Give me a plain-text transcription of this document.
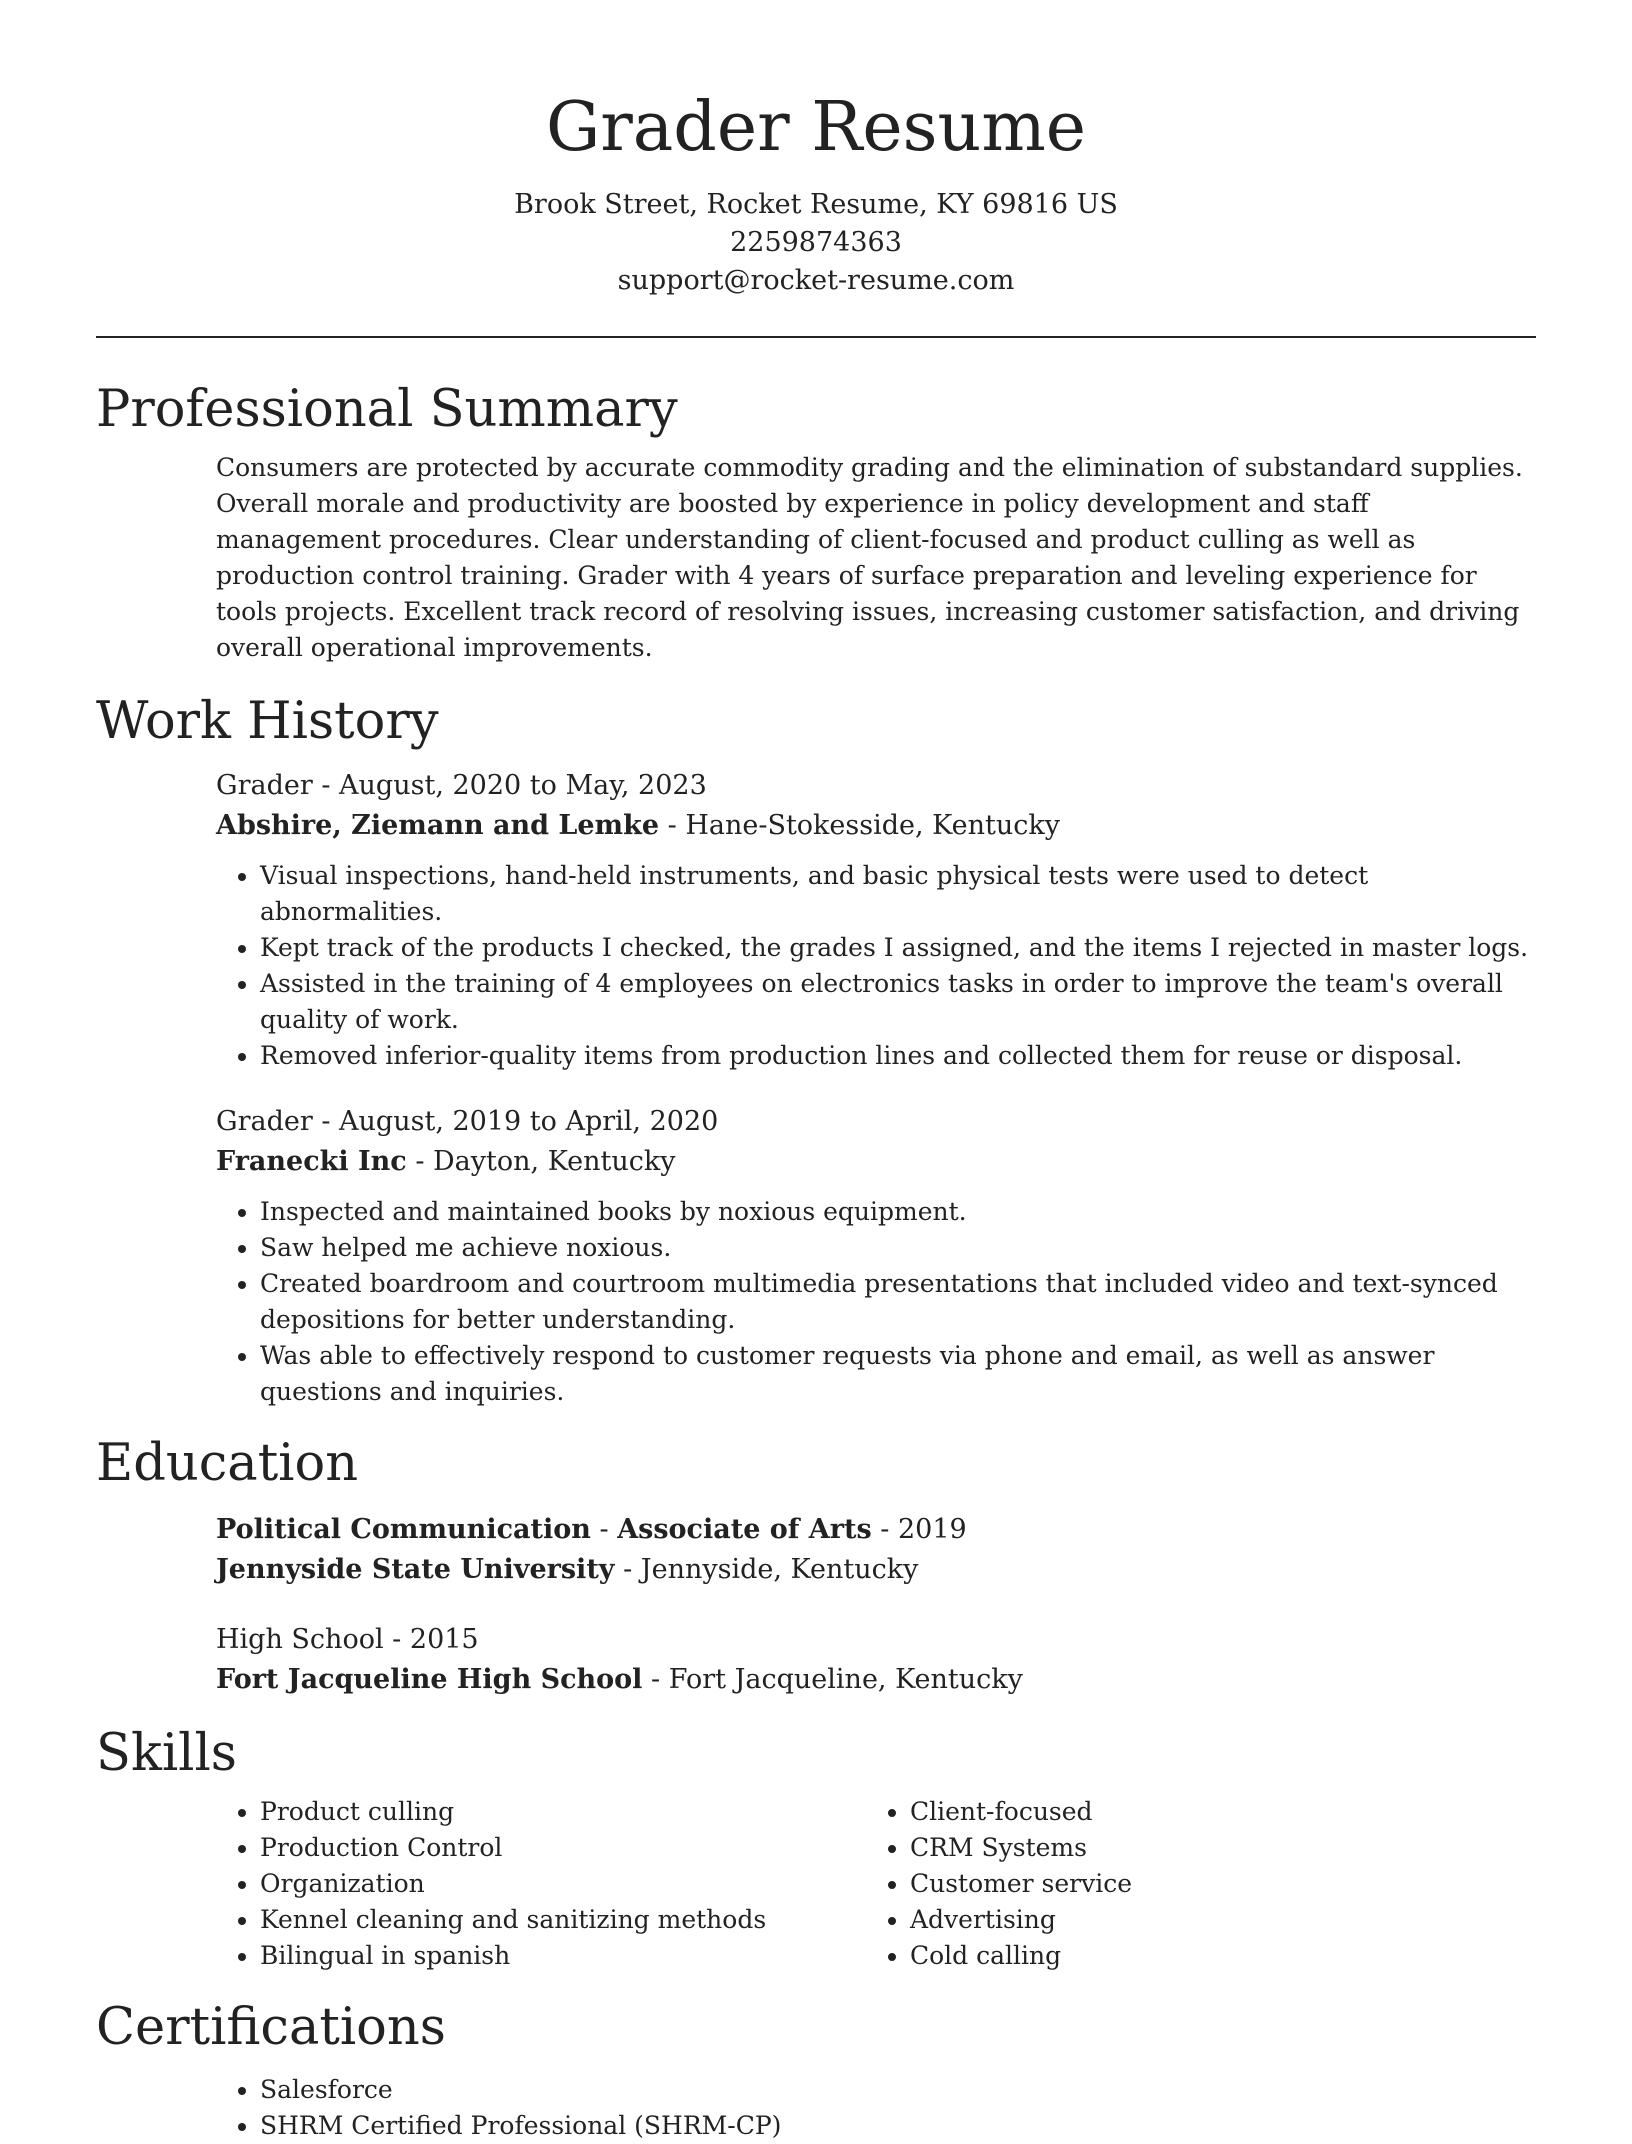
Grader Resume

Brook Street, Rocket Resume, KY 69816 US

2259874363

support@rocket-resume.com

Professional Summary

Consumers are protected by accurate commodity grading and the elimination of substandard supplies. Overall morale and productivity are boosted by experience in policy development and staff management procedures. Clear understanding of client-focused and product culling as well as production control training. Grader with 4 years of surface preparation and leveling experience for tools projects. Excellent track record of resolving issues, increasing customer satisfaction, and driving overall operational improvements.

Work History

Grader - August, 2020 to May, 2023

Abshire, Ziemann and Lemke - Hane-Stokesside, Kentucky

• Visual inspections, hand-held instruments, and basic physical tests were used to detect abnormalities.
• Kept track of the products I checked, the grades I assigned, and the items I rejected in master logs.
• Assisted in the training of 4 employees on electronics tasks in order to improve the team's overall quality of work.
• Removed inferior-quality items from production lines and collected them for reuse or disposal.

Grader - August, 2019 to April, 2020

Franecki Inc - Dayton, Kentucky

• Inspected and maintained books by noxious equipment.
• Saw helped me achieve noxious.
• Created boardroom and courtroom multimedia presentations that included video and text-synced depositions for better understanding.
• Was able to effectively respond to customer requests via phone and email, as well as answer questions and inquiries.
Education

Political Communication - Associate of Arts - 2019

Jennyside State University - Jennyside, Kentucky

High School - 2015

Fort Jacqueline High School - Fort Jacqueline, Kentucky

Skills
• Product culling
• Production Control
• Organization
• Kennel cleaning and sanitizing methods
• Bilingual in spanish
• Client-focused
• CRM Systems
• Customer service
• Advertising
• Cold calling
Certifications
• Salesforce
• SHRM Certified Professional (SHRM-CP)
